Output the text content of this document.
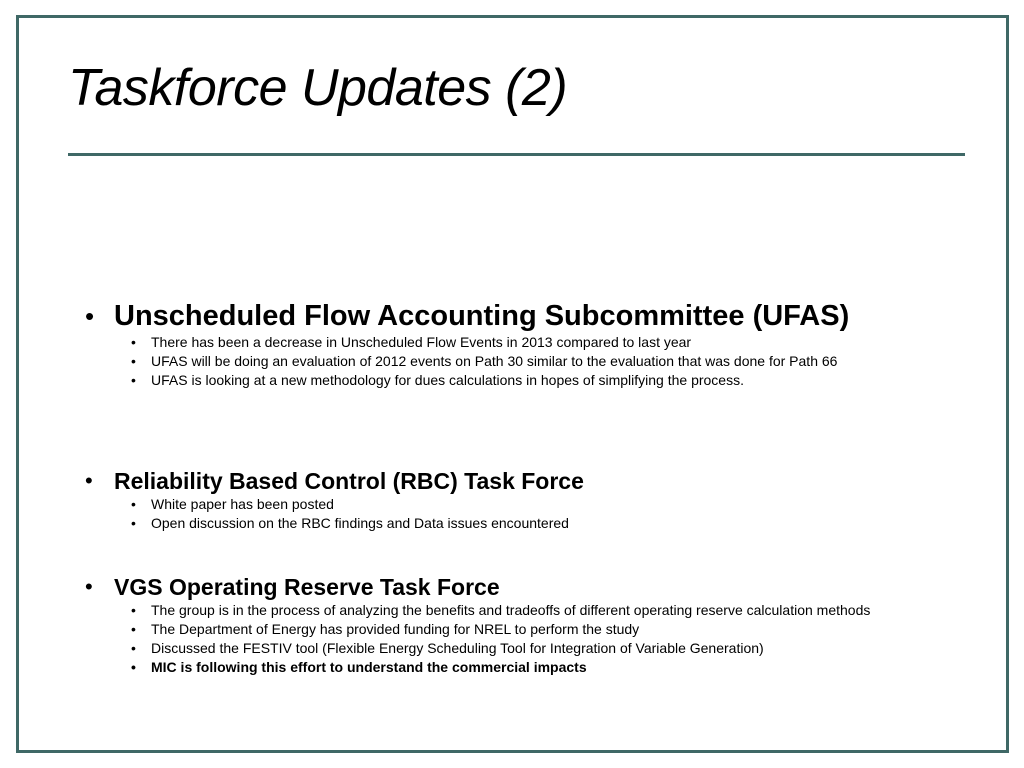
Taskforce Updates (2)
• Unscheduled Flow Accounting Subcommittee (UFAS)
• There has been a decrease in Unscheduled Flow Events in 2013 compared to last year
• UFAS will be doing an evaluation of 2012 events on Path 30 similar to the evaluation that was done for Path 66
• UFAS is looking at a new methodology for dues calculations in hopes of simplifying the process.
• Reliability Based Control (RBC) Task Force
• White paper has been posted
• Open discussion on the RBC findings and Data issues encountered
• VGS Operating Reserve Task Force
• The group is in the process of analyzing the benefits and tradeoffs of different operating reserve calculation methods
• The Department of Energy has provided funding for NREL to perform the study
• Discussed the FESTIV tool (Flexible Energy Scheduling Tool for Integration of Variable Generation)
• MIC is following this effort to understand the commercial impacts
